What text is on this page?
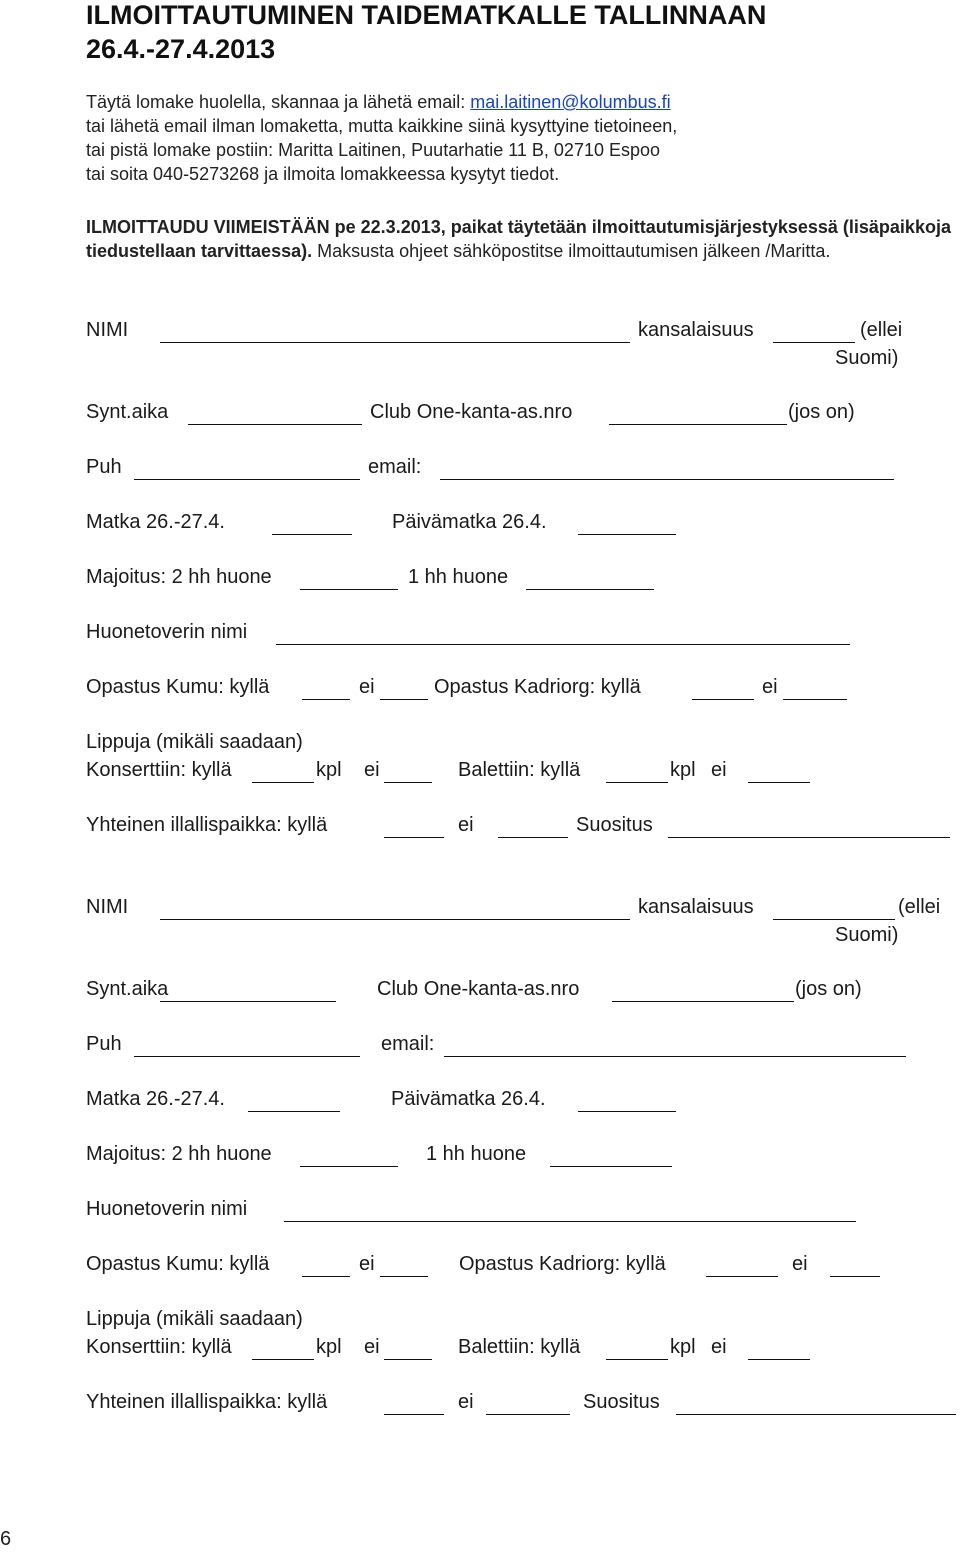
ILMOITTAUTUMINEN TAIDEMATKALLE TALLINNAAN
26.4.-27.4.2013
Täytä lomake huolella, skannaa ja lähetä email: mai.laitinen@kolumbus.fi
tai lähetä email ilman lomaketta, mutta kaikkine siinä kysyttyine tietoineen,
tai pistä lomake postiin: Maritta Laitinen, Puutarhatie 11 B, 02710 Espoo
tai soita 040-5273268 ja ilmoita lomakkeessa kysytyt tiedot.
ILMOITTAUDU VIIMEISTÄÄN pe 22.3.2013, paikat täytetään ilmoittautumisjärjestyksessä (lisäpaikkoja tiedustellaan tarvittaessa). Maksusta ohjeet sähköpostitse ilmoittautumisen jälkeen /Maritta.
NIMI	kansalaisuus	(ellei
Suomi)
Synt.aika	Club One-kanta-as.nro	(jos on)
Puh	email:
Matka 26.-27.4.	Päivämatka 26.4.
Majoitus: 2 hh huone	1 hh huone
Huonetoverin nimi
Opastus Kumu: kyllä	ei	Opastus Kadriorg: kyllä	ei
Lippuja (mikäli saadaan)
Konserttiin: kyllä	kpl ei	Balettiin: kyllä	kpl ei
Yhteinen illallispaikka: kyllä	ei	Suositus
NIMI	kansalaisuus	(ellei
Suomi)
Synt.aika	Club One-kanta-as.nro	(jos on)
Puh	email:
Matka 26.-27.4.	Päivämatka 26.4.
Majoitus: 2 hh huone	1 hh huone
Huonetoverin nimi
Opastus Kumu: kyllä	ei	Opastus Kadriorg: kyllä	ei
Lippuja (mikäli saadaan)
Konserttiin: kyllä	kpl ei	Balettiin: kyllä	kpl ei
Yhteinen illallispaikka: kyllä	ei	Suositus
6
